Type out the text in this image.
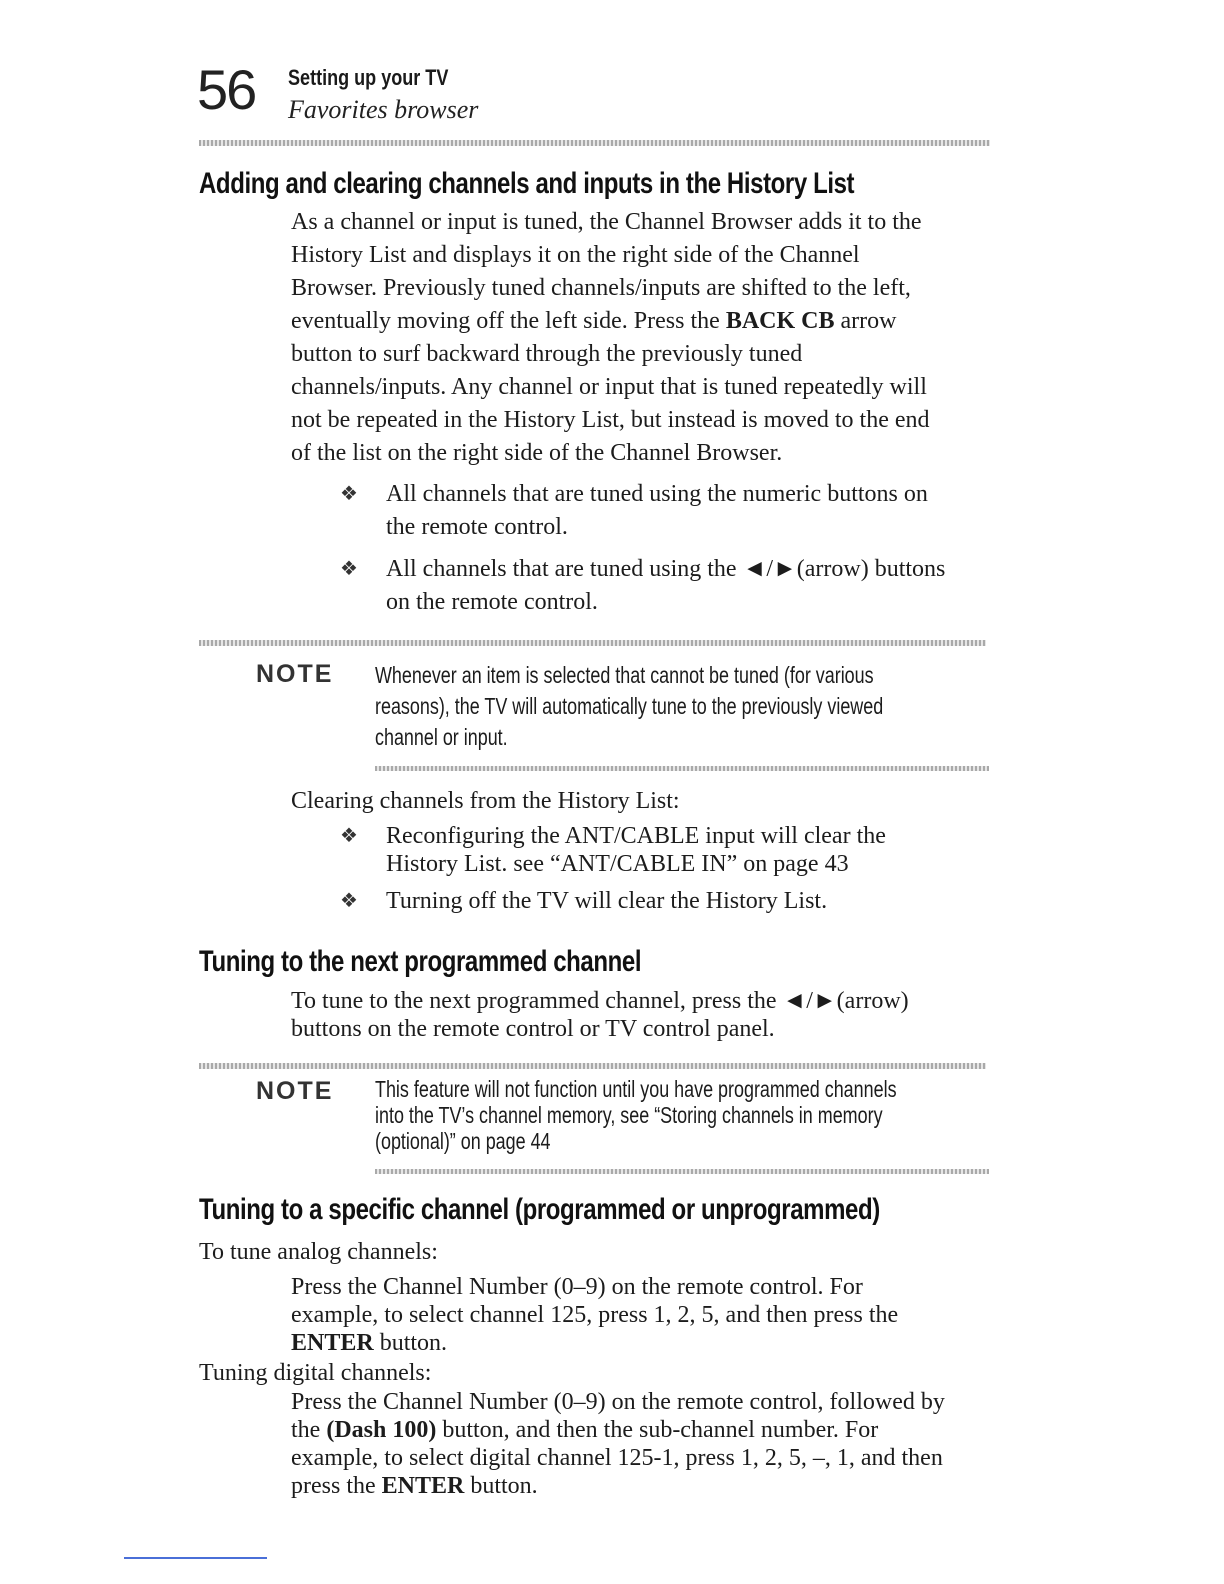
56 Setting up your TV
Favorites browser
Adding and clearing channels and inputs in the History List

As a channel or input is tuned, the Channel Browser adds it to the

History List and displays it on the right side of the Channel

Browser. Previously tuned channels/inputs are shifted to the left,

eventually moving off the left side. Press the BACK CB arrow

button to surf backward through the previously tuned

channels/inputs. Any channel or input that is tuned repeatedly will

not be repeated in the History List, but instead is moved to the end

of the list on the right side of the Channel Browser.

❖ All channels that are tuned using the numeric buttons on
the remote control.
❖ All channels that are tuned using the ◄/►(arrow) buttons
on the remote control.
NOTE Whenever an item is selected that cannot be tuned (for various

reasons), the TV will automatically tune to the previously viewed

channel or input.

Clearing channels from the History List:
❖ Reconfiguring the ANT/CABLE input will clear the
History List. see “ANT/CABLE IN” on page 43
❖ Turning off the TV will clear the History List.
Tuning to the next programmed channel

To tune to the next programmed channel, press the ◄/►(arrow)

buttons on the remote control or TV control panel.

NOTE This feature will not function until you have programmed channels

into the TV’s channel memory, see “Storing channels in memory

(optional)” on page 44

Tuning to a specific channel (programmed or unprogrammed)
To tune analog channels:

Press the Channel Number (0–9) on the remote control. For

example, to select channel 125, press 1, 2, 5, and then press the

ENTER button.

Tuning digital channels:

Press the Channel Number (0–9) on the remote control, followed by

the (Dash 100) button, and then the sub-channel number. For

example, to select digital channel 125-1, press 1, 2, 5, –, 1, and then

press the ENTER button.
